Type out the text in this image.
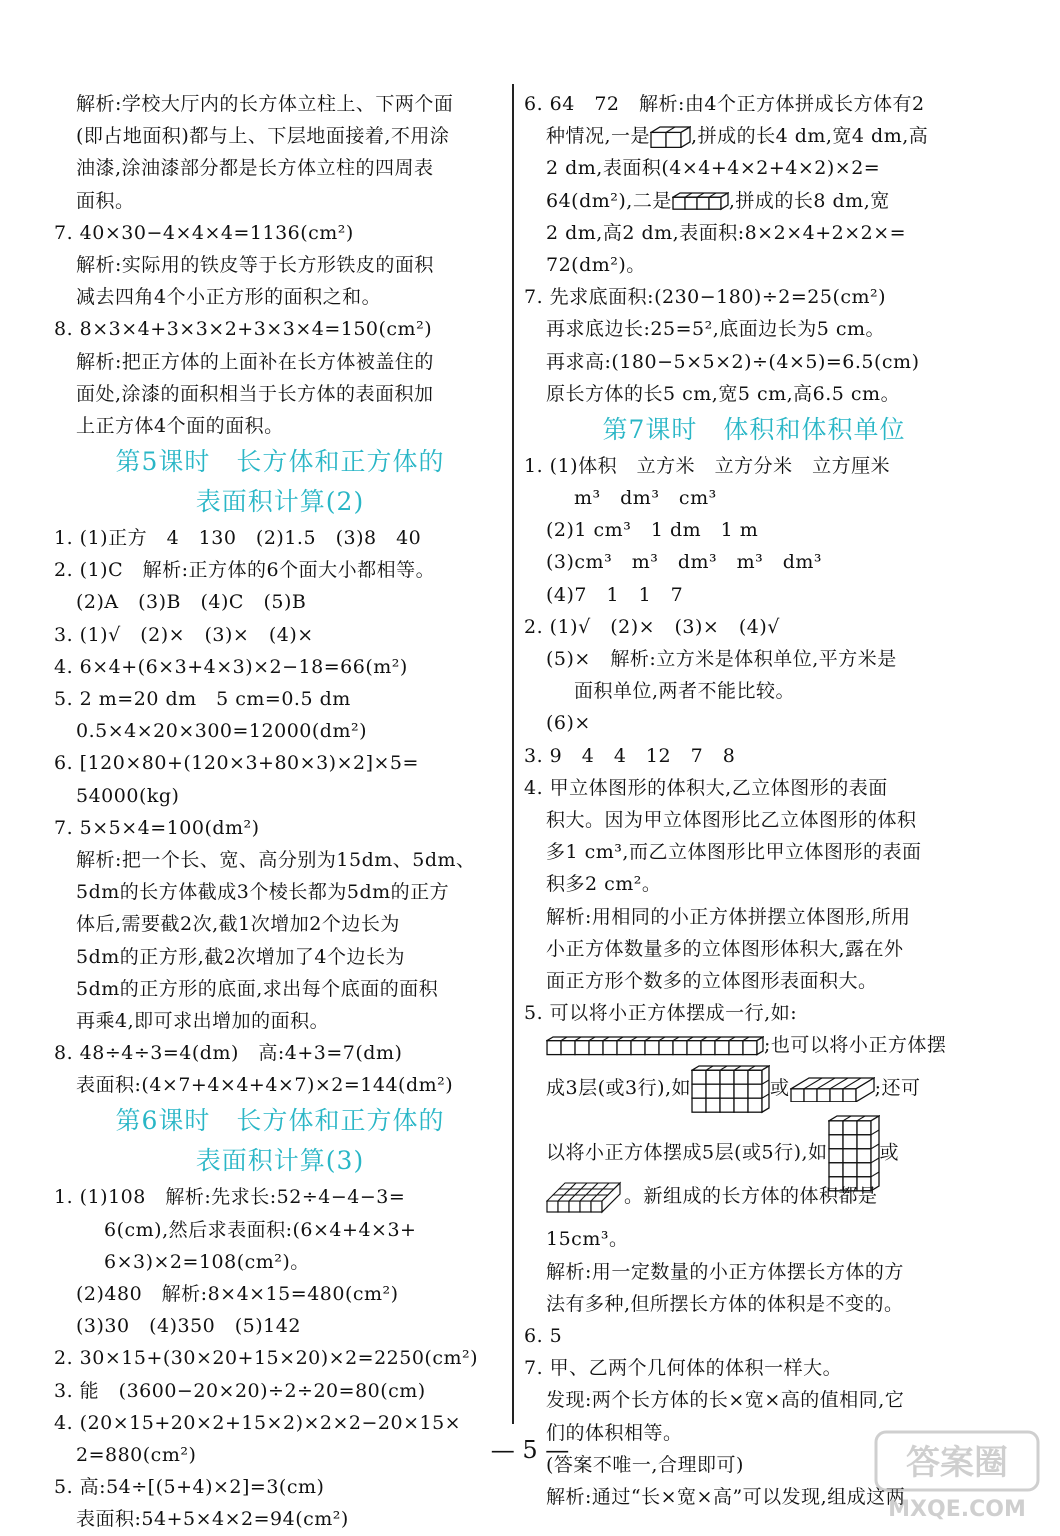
解析:学校大厅内的长方体立柱上、下两个面
(即占地面积)都与上、下层地面接着,不用涂
油漆,涂油漆部分都是长方体立柱的四周表
面积。
7. 40×30−4×4×4=1136(cm²)
解析:实际用的铁皮等于长方形铁皮的面积
减去四角4个小正方形的面积之和。
8. 8×3×4+3×3×2+3×3×4=150(cm²)
解析:把正方体的上面补在长方体被盖住的
面处,涂漆的面积相当于长方体的表面积加
上正方体4个面的面积。
第5课时　长方体和正方体的
表面积计算(2)
1. (1)正方　4　130　(2)1.5　(3)8　40
2. (1)C　解析:正方体的6个面大小都相等。
(2)A　(3)B　(4)C　(5)B
3. (1)√　(2)×　(3)×　(4)×
4. 6×4+(6×3+4×3)×2−18=66(m²)
5. 2 m=20 dm　5 cm=0.5 dm
0.5×4×20×300=12000(dm²)
6. [120×80+(120×3+80×3)×2]×5=
54000(kg)
7. 5×5×4=100(dm²)
解析:把一个长、宽、高分别为15dm、5dm、
5dm的长方体截成3个棱长都为5dm的正方
体后,需要截2次,截1次增加2个边长为
5dm的正方形,截2次增加了4个边长为
5dm的正方形的底面,求出每个底面的面积
再乘4,即可求出增加的面积。
8. 48÷4÷3=4(dm)　高:4+3=7(dm)
表面积:(4×7+4×4+4×7)×2=144(dm²)
第6课时　长方体和正方体的
表面积计算(3)
1. (1)108　解析:先求长:52÷4−4−3=
6(cm),然后求表面积:(6×4+4×3+
6×3)×2=108(cm²)。
(2)480　解析:8×4×15=480(cm²)
(3)30　(4)350　(5)142
2. 30×15+(30×20+15×20)×2=2250(cm²)
3. 能　(3600−20×20)÷2÷20=80(cm)
4. (20×15+20×2+15×2)×2×2−20×15×
2=880(cm²)
5. 高:54÷[(5+4)×2]=3(cm)
表面积:54+5×4×2=94(cm²)
6. 64　72　解析:由4个正方体拼成长方体有2
种情况,一是 ,拼成的长4 dm,宽4 dm,高
2 dm,表面积(4×4+4×2+4×2)×2=
64(dm²),二是	,拼成的长8 dm,宽
2 dm,高2 dm,表面积:8×2×4+2×2×=
72(dm²)。
7. 先求底面积:(230−180)÷2=25(cm²)
再求底边长:25=5²,底面边长为5 cm。
再求高:(180−5×5×2)÷(4×5)=6.5(cm)
原长方体的长5 cm,宽5 cm,高6.5 cm。
第7课时　体积和体积单位
1. (1)体积　立方米　立方分米　立方厘米
m³　dm³　cm³
(2)1 cm³　1 dm　1 m
(3)cm³　m³　dm³　m³　dm³
(4)7　1　1　7
2. (1)√　(2)×　(3)×　(4)√
(5)×　解析:立方米是体积单位,平方米是
面积单位,两者不能比较。
(6)×
3. 9　4　4　12　7　8
4. 甲立体图形的体积大,乙立体图形的表面
积大。因为甲立体图形比乙立体图形的体积
多1 cm³,而乙立体图形比甲立体图形的表面
积多2 cm²。
解析:用相同的小正方体拼摆立体图形,所用
小正方体数量多的立体图形体积大,露在外
面正方形个数多的立体图形表面积大。
5. 可以将小正方体摆成一行,如:
;也可以将小正方体摆
成3层(或3行),如	或	;还可
以将小正方体摆成5层(或5行),如	或
。新组成的长方体的体积都是
15cm³。
解析:用一定数量的小正方体摆长方体的方
法有多种,但所摆长方体的体积是不变的。
6. 5
7. 甲、乙两个几何体的体积一样大。
发现:两个长方体的长×宽×高的值相同,它
们的体积相等。
(答案不唯一,合理即可)
解析:通过“长×宽×高”可以发现,组成这两
— 5 —	答案圈
MXQE.COM
